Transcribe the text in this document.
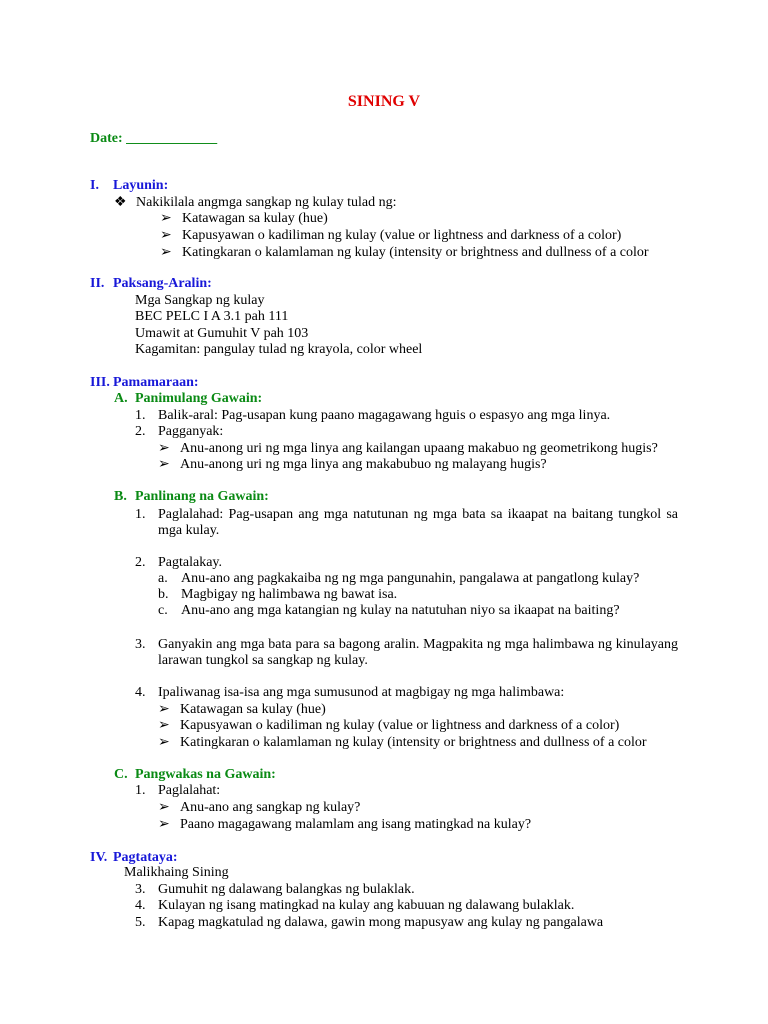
SINING V
Date: _____________
I. Layunin:
❖ Nakikilala angmga sangkap ng kulay tulad ng:
➢ Katawagan sa kulay (hue)
➢ Kapusyawan o kadiliman ng kulay (value or lightness and darkness of a color)
➢ Katingkaran o kalamlaman ng kulay (intensity or brightness and dullness of a color
II. Paksang-Aralin:
Mga Sangkap ng kulay
BEC PELC I A 3.1 pah 111
Umawit at Gumuhit V pah 103
Kagamitan: pangulay tulad ng krayola, color wheel
III. Pamamaraan:
A. Panimulang Gawain:
1. Balik-aral: Pag-usapan kung paano magagawang hguis o espasyo ang mga linya.
2. Pagganyak:
➢ Anu-anong uri ng mga linya ang kailangan upaang makabuo ng geometrikong hugis?
➢ Anu-anong uri ng mga linya ang makabubuo ng malayang hugis?
B. Panlinang na Gawain:
1. Paglalahad: Pag-usapan ang mga natutunan ng mga bata sa ikaapat na baitang tungkol sa mga kulay.
2. Pagtalakay.
a. Anu-ano ang pagkakaiba ng ng mga pangunahin, pangalawa at pangatlong kulay?
b. Magbigay ng halimbawa ng bawat isa.
c. Anu-ano ang mga katangian ng kulay na natutuhan niyo sa ikaapat na baiting?
3. Ganyakin ang mga bata para sa bagong aralin. Magpakita ng mga halimbawa ng kinulayang larawan tungkol sa sangkap ng kulay.
4. Ipaliwanag isa-isa ang mga sumusunod at magbigay ng mga halimbawa:
➢ Katawagan sa kulay (hue)
➢ Kapusyawan o kadiliman ng kulay (value or lightness and darkness of a color)
➢ Katingkaran o kalamlaman ng kulay (intensity or brightness and dullness of a color
C. Pangwakas na Gawain:
1. Paglalahat:
➢ Anu-ano ang sangkap ng kulay?
➢ Paano magagawang malamlam ang isang matingkad na kulay?
IV. Pagtataya:
Malikhaing Sining
3. Gumuhit ng dalawang balangkas ng bulaklak.
4. Kulayan ng isang matingkad na kulay ang kabuuan ng dalawang bulaklak.
5. Kapag magkatulad ng dalawa, gawin mong mapusyaw ang kulay ng pangalawa
